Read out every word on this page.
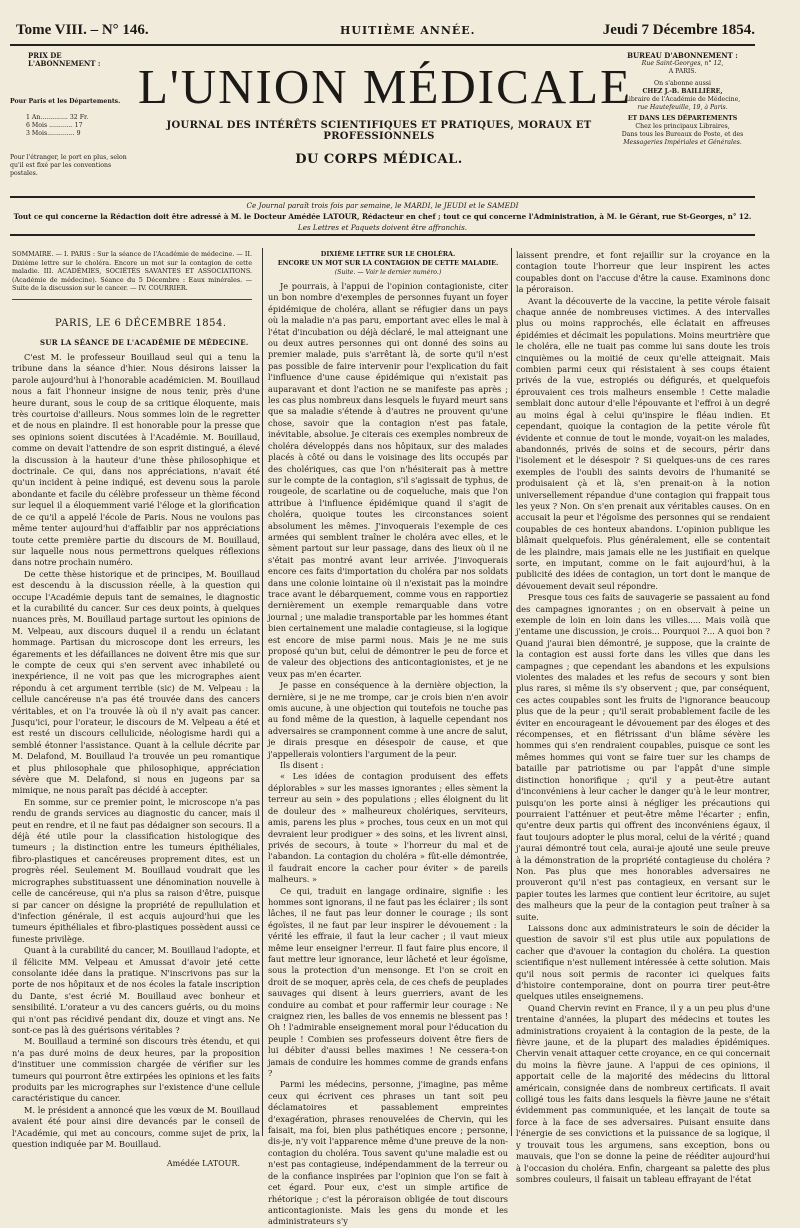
Tome VIII. – N° 146.	HUITIÈME ANNÉE.	Jeudi 7 Décembre 1854.
PRIX DE L'ABONNEMENT :
Pour Paris et les Départements.
1 An.............. 32 Fr.
6 Mois ............ 17
3 Mois.............. 9
Pour l'étranger, le port en plus, selon qu'il est fixé par les conventions postales.
L'UNION MÉDICALE
JOURNAL DES INTÉRÊTS SCIENTIFIQUES ET PRATIQUES, MORAUX ET PROFESSIONNELS
DU CORPS MÉDICAL.
BUREAU D'ABONNEMENT :
Rue Saint-Georges, n° 12,
A PARIS.
On s'abonne aussi
CHEZ J.-B. BAILLIÈRE,
Libraire de l'Académie de Médecine,
rue Hautefeuille, 19, à Paris.
ET DANS LES DÉPARTEMENTS
Chez les principaux Libraires,
Dans tous les Bureaux de Poste, et des
Messageries Impériales et Générales.
Ce Journal paraît trois fois par semaine, le MARDI, le JEUDI et le SAMEDI
Tout ce qui concerne la Rédaction doit être adressé à M. le Docteur Amédée LATOUR, Rédacteur en chef ; tout ce qui concerne l'Administration, à M. le Gérant, rue St-Georges, n° 12.
Les Lettres et Paquets doivent être affranchis.
SOMMAIRE. — I. PARIS : Sur la séance de l'Académie de médecine. — II. Dixième lettre sur le choléra. Encore un mot sur la contagion de cette maladie. III. ACADÉMIES, SOCIÉTÉS SAVANTES ET ASSOCIATIONS. (Académie de médecine). Séance du 5 Décembre : Eaux minérales. — Suite de la discussion sur le cancer. — IV. COURRIER.
PARIS, LE 6 DÉCEMBRE 1854.
SUR LA SÉANCE DE L'ACADÉMIE DE MÉDECINE.

C'est M. le professeur Bouillaud seul qui a tenu la tribune dans la séance d'hier. Nous désirons laisser la parole aujourd'hui à l'honorable académicien. M. Bouillaud nous a fait l'honneur insigne de nous tenir, près d'une heure durant, sous le coup de sa critique éloquente, mais très courtoise d'ailleurs. Nous sommes loin de le regretter et de nous en plaindre. Il est honorable pour la presse que ses opinions soient discutées à l'Académie. M. Bouillaud, comme on devait l'attendre de son esprit distingué, a élevé la discussion à la hauteur d'une thèse philosophique et doctrinale. Ce qui, dans nos appréciations, n'avait été qu'un incident à peine indiqué, est devenu sous la parole abondante et facile du célèbre professeur un thème fécond sur lequel il a éloquemment varié l'éloge et la glorification de ce qu'il a appelé l'école de Paris. Nous ne voulons pas même tenter aujourd'hui d'affaiblir par nos appréciations toute cette première partie du discours de M. Bouillaud, sur laquelle nous nous permettrons quelques réflexions dans notre prochain numéro.

De cette thèse historique et de principes, M. Bouillaud est descendu à la discussion réelle, à la question qui occupe l'Académie depuis tant de semaines, le diagnostic et la curabilité du cancer. Sur ces deux points, à quelques nuances près, M. Bouillaud partage surtout les opinions de M. Velpeau, aux discours duquel il a rendu un éclatant hommage. Partisan du microscope dont les erreurs, les égarements et les défaillances ne doivent être mis que sur le compte de ceux qui s'en servent avec inhabileté ou inexpérience, il ne voit pas que les micrographes aient répondu à cet argument terrible (sic) de M. Velpeau : la cellule cancéreuse n'a pas été trouvée dans des cancers véritables, et on l'a trouvée là où il n'y avait pas cancer. Jusqu'ici, pour l'orateur, le discours de M. Velpeau a été et est resté un discours cellulicide, néologisme hardi qui a semblé étonner l'assistance. Quant à la cellule décrite par M. Delafond, M. Bouillaud l'a trouvée un peu romantique et plus philosophale que philosophique, appréciation sévère que M. Delafond, si nous en jugeons par sa mimique, ne nous paraît pas décidé à accepter.

En somme, sur ce premier point, le microscope n'a pas rendu de grands services au diagnostic du cancer, mais il peut en rendre, et il ne faut pas dédaigner son secours. Il a déjà été utile pour la classification histologique des tumeurs ; la distinction entre les tumeurs épithéliales, fibro-plastiques et cancéreuses proprement dites, est un progrès réel. Seulement M. Bouillaud voudrait que les micrographes substituassent une dénomination nouvelle à celle de cancéreuse, qui n'a plus sa raison d'être, puisque si par cancer on désigne la propriété de repullulation et d'infection générale, il est acquis aujourd'hui que les tumeurs épithéliales et fibro-plastiques possèdent aussi ce funeste privilège.

Quant à la curabilité du cancer, M. Bouillaud l'adopte, et il félicite MM. Velpeau et Amussat d'avoir jeté cette consolante idée dans la pratique. N'inscrivons pas sur la porte de nos hôpitaux et de nos écoles la fatale inscription du Dante, s'est écrié M. Bouillaud avec bonheur et sensibilité. L'orateur a vu des cancers guéris, ou du moins qui n'ont pas récidivé pendant dix, douze et vingt ans. Ne sont-ce pas là des guérisons véritables ?

M. Bouillaud a terminé son discours très étendu, et qui n'a pas duré moins de deux heures, par la proposition d'instituer une commission chargée de vérifier sur les tumeurs qui pourront être extirpées les opinions et les faits produits par les micrographes sur l'existence d'une cellule caractéristique du cancer.

M. le président a annoncé que les vœux de M. Bouillaud avaient été pour ainsi dire devancés par le conseil de l'Académie, qui met au concours, comme sujet de prix, la question indiquée par M. Bouillaud.

Amédée LATOUR.
DIXIÈME LETTRE SUR LE CHOLÉRA.
ENCORE UN MOT SUR LA CONTAGION DE CETTE MALADIE.
(Suite. — Voir le dernier numéro.)

Je pourrais, à l'appui de l'opinion contagioniste, citer un bon nombre d'exemples de personnes fuyant un foyer épidémique de choléra, allant se réfugier dans un pays où la maladie n'a pas paru, emportant avec elles le mal à l'état d'incubation ou déjà déclaré, le mal atteignant une ou deux autres personnes qui ont donné des soins au premier malade, puis s'arrêtant là, de sorte qu'il n'est pas possible de faire intervenir pour l'explication du fait l'influence d'une cause épidémique qui n'existait pas auparavant et dont l'action ne se manifeste pas après ; les cas plus nombreux dans lesquels le fuyard meurt sans que sa maladie s'étende à d'autres ne prouvent qu'une chose, savoir que la contagion n'est pas fatale, inévitable, absolue. Je citerais ces exemples nombreux de choléra développés dans nos hôpitaux, sur des malades placés à côté ou dans le voisinage des lits occupés par des cholériques, cas que l'on n'hésiterait pas à mettre sur le compte de la contagion, s'il s'agissait de typhus, de rougeole, de scarlatine ou de coqueluche, mais que l'on attribue à l'influence épidémique quand il s'agit de choléra, quoique toutes les circonstances soient absolument les mêmes. J'invoquerais l'exemple de ces armées qui semblent traîner le choléra avec elles, et le sèment partout sur leur passage, dans des lieux où il ne s'était pas montré avant leur arrivée. J'invoquerais encore ces faits d'importation du choléra par nos soldats dans une colonie lointaine où il n'existait pas la moindre trace avant le débarquement, comme vous en rapportiez dernièrement un exemple remarquable dans votre journal ; une maladie transportable par les hommes étant bien certainement une maladie contagieuse, si la logique est encore de mise parmi nous. Mais je ne me suis proposé qu'un but, celui de démontrer le peu de force et de valeur des objections des anticontagionistes, et je ne veux pas m'en écarter.

Je passe en conséquence à la dernière objection, la dernière, si je ne me trompe, car je crois bien n'en avoir omis aucune, à une objection qui toutefois ne touche pas au fond même de la question, à laquelle cependant nos adversaires se cramponnent comme à une ancre de salut, je dirais presque en désespoir de cause, et que j'appellerais volontiers l'argument de la peur.

Ils disent :

« Les idées de contagion produisent des effets déplorables » sur les masses ignorantes ; elles sèment la terreur au sein » des populations ; elles éloignent du lit de douleur des » malheureux cholériques, serviteurs, amis, parens les plus » proches, tous ceux en un mot qui devraient leur prodiguer » des soins, et les livrent ainsi, privés de secours, à toute » l'horreur du mal et de l'abandon. La contagion du choléra » fût-elle démontrée, il faudrait encore la cacher pour éviter » de pareils malheurs. »

Ce qui, traduit en langage ordinaire, signifie : les hommes sont ignorans, il ne faut pas les éclairer ; ils sont lâches, il ne faut pas leur donner le courage ; ils sont égoïstes, il ne faut par leur inspirer le dévouement : la vérité les effraie, il faut la leur cacher ; il vaut mieux même leur enseigner l'erreur. Il faut faire plus encore, il faut mettre leur ignorance, leur lâcheté et leur égoïsme, sous la protection d'un mensonge. Et l'on se croit en droit de se moquer, après cela, de ces chefs de peuplades sauvages qui disent à leurs guerriers, avant de les conduire au combat et pour raffermir leur courage : Ne craignez rien, les balles de vos ennemis ne blessent pas ! Oh ! l'admirable enseignement moral pour l'éducation du peuple ! Combien ses professeurs doivent être fiers de lui débiter d'aussi belles maximes ! Ne cessera-t-on jamais de conduire les hommes comme de grands enfans ?

Parmi les médecins, personne, j'imagine, pas même ceux qui écrivent ces phrases un tant soit peu déclamatoires et passablement empreintes d'exagération, phrases renouvelées de Chervin, qui les faisait, ma foi, bien plus pathétiques encore ; personne, dis-je, n'y voit l'apparence même d'une preuve de la non-contagion du choléra. Tous savent qu'une maladie est ou n'est pas contagieuse, indépendamment de la terreur ou de la confiance inspirées par l'opinion que l'on se fait à cet égard. Pour eux, c'est un simple artifice de rhétorique ; c'est la péroraison obligée de tout discours anticontagioniste. Mais les gens du monde et les administrateurs s'y

laissent prendre, et font rejaillir sur la croyance en la contagion toute l'horreur que leur inspirent les actes coupables dont on l'accuse d'être la cause. Examinons donc la péroraison.

Avant la découverte de la vaccine, la petite vérole faisait chaque année de nombreuses victimes. A des intervalles plus ou moins rapprochés, elle éclatait en affreuses épidémies et décimait les populations. Moins meurtrière que le choléra, elle ne tuait pas comme lui sans doute les trois cinquièmes ou la moitié de ceux qu'elle atteignait. Mais combien parmi ceux qui résistaient à ses coups étaient privés de la vue, estropiés ou défigurés, et quelquefois éprouvaient ces trois malheurs ensemble ! Cette maladie semblait donc autour d'elle l'épouvante et l'effroi à un degré au moins égal à celui qu'inspire le fléau indien. Et cependant, quoique la contagion de la petite vérole fût évidente et connue de tout le monde, voyait-on les malades, abandonnés, privés de soins et de secours, périr dans l'isolement et le désespoir ? Si quelques-uns de ces rares exemples de l'oubli des saints devoirs de l'humanité se produisaient çà et là, s'en prenait-on à la notion universellement répandue d'une contagion qui frappait tous les yeux ? Non. On s'en prenait aux véritables causes. On en accusait la peur et l'égoïsme des personnes qui se rendaient coupables de ces honteux abandons. L'opinion publique les blâmait quelquefois. Plus généralement, elle se contentait de les plaindre, mais jamais elle ne les justifiait en quelque sorte, en imputant, comme on le fait aujourd'hui, à la publicité des idées de contagion, un tort dont le manque de dévouement devait seul répondre.

Presque tous ces faits de sauvagerie se passaient au fond des campagnes ignorantes ; on en observait à peine un exemple de loin en loin dans les villes..... Mais voilà que j'entame une discussion, je crois... Pourquoi ?... A quoi bon ? Quand j'aurai bien démontré, je suppose, que la crainte de la contagion est aussi forte dans les villes que dans les campagnes ; que cependant les abandons et les expulsions violentes des malades et les refus de secours y sont bien plus rares, si même ils s'y observent ; que, par conséquent, ces actes coupables sont les fruits de l'ignorance beaucoup plus que de la peur ; qu'il serait probablement facile de les éviter en encourageant le dévouement par des éloges et des récompenses, et en flétrissant d'un blâme sévère les hommes qui s'en rendraient coupables, puisque ce sont les mêmes hommes qui vont se faire tuer sur les champs de bataille par patriotisme ou par l'appât d'une simple distinction honorifique ; qu'il y a peut-être autant d'inconvéniens à leur cacher le danger qu'à le leur montrer, puisqu'on les porte ainsi à négliger les précautions qui pourraient l'atténuer et peut-être même l'écarter ; enfin, qu'entre deux partis qui offrent des inconvéniens égaux, il faut toujours adopter le plus moral, celui de la vérité ; quand j'aurai démontré tout cela, aurai-je ajouté une seule preuve à la démonstration de la propriété contagieuse du choléra ? Non. Pas plus que mes honorables adversaires ne prouveront qu'il n'est pas contagieux, en versant sur le papier toutes les larmes que contient leur écritoire, au sujet des malheurs que la peur de la contagion peut traîner à sa suite.

Laissons donc aux administrateurs le soin de décider la question de savoir s'il est plus utile aux populations de cacher que d'avouer la contagion du choléra. La question scientifique n'est nullement intéressée à cette solution. Mais qu'il nous soit permis de raconter ici quelques faits d'histoire contemporaine, dont on pourra tirer peut-être quelques utiles enseignemens.

Quand Chervin revint en France, il y a un peu plus d'une trentaine d'années, la plupart des médecins et toutes les administrations croyaient à la contagion de la peste, de la fièvre jaune, et de la plupart des maladies épidémiques. Chervin venait attaquer cette croyance, en ce qui concernait du moins la fièvre jaune. A l'appui de ces opinions, il apportait celle de la majorité des médecins du littoral américain, consignée dans de nombreux certificats. Il avait colligé tous les faits dans lesquels la fièvre jaune ne s'était évidemment pas communiquée, et les lançait de toute sa force à la face de ses adversaires. Puisant ensuite dans l'énergie de ses convictions et la puissance de sa logique, il y trouvait tous les argumens, sans exception, bons ou mauvais, que l'on se donne la peine de rééditer aujourd'hui à l'occasion du choléra. Enfin, chargeant sa palette des plus sombres couleurs, il faisait un tableau effrayant de l'état
